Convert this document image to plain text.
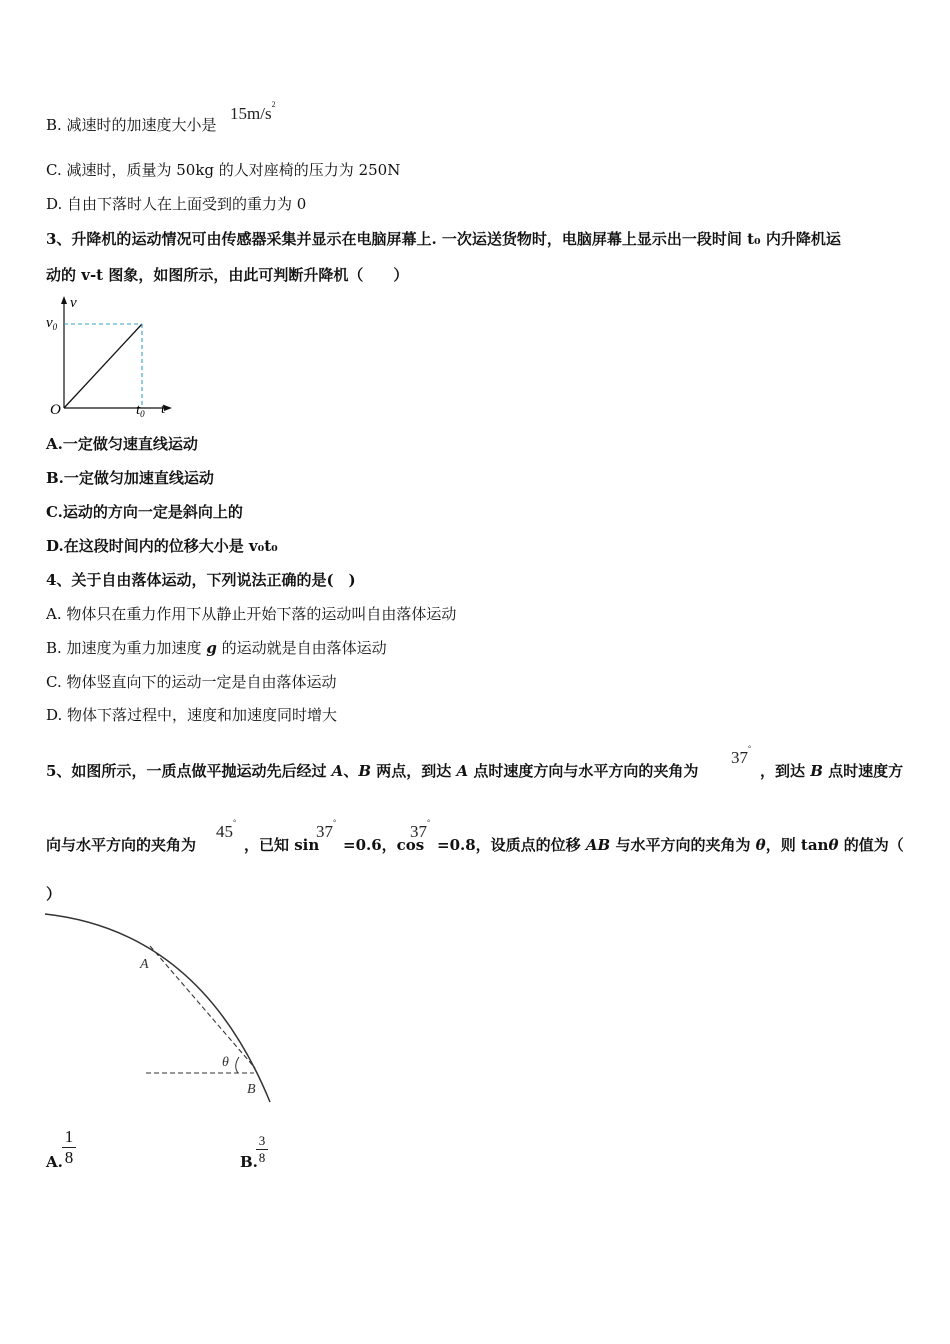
B. 减速时的加速度大小是
$15m/s^2$
C. 减速时，质量为 50kg 的人对座椅的压力为 250N
D. 自由下落时人在上面受到的重力为 0
3、升降机的运动情况可由传感器采集并显示在电脑屏幕上. 一次运送货物时，电脑屏幕上显示出一段时间 t₀ 内升降机运
动的 v-t 图象，如图所示，由此可判断升降机（　　）
v
t
O
$v_0$
$t_0$
A.一定做匀速直线运动
B.一定做匀加速直线运动
C.运动的方向一定是斜向上的
D.在这段时间内的位移大小是 v₀t₀
4、关于自由落体运动，下列说法正确的是(　)
A. 物体只在重力作用下从静止开始下落的运动叫自由落体运动
B. 加速度为重力加速度 g 的运动就是自由落体运动
C. 物体竖直向下的运动一定是自由落体运动
D. 物体下落过程中，速度和加速度同时增大
5、如图所示，一质点做平抛运动先后经过 A、B 两点，到达 A 点时速度方向与水平方向的夹角为
37°
，到达 B 点时速度方
向与水平方向的夹角为
45°
，已知 sin
37°
=0.6，cos
37°
=0.8，设质点的位移 AB 与水平方向的夹角为 θ，则 tanθ 的值为（
）
A
B
θ
A. $\frac{1}{8}$	B.
$\frac{3}{8}$
